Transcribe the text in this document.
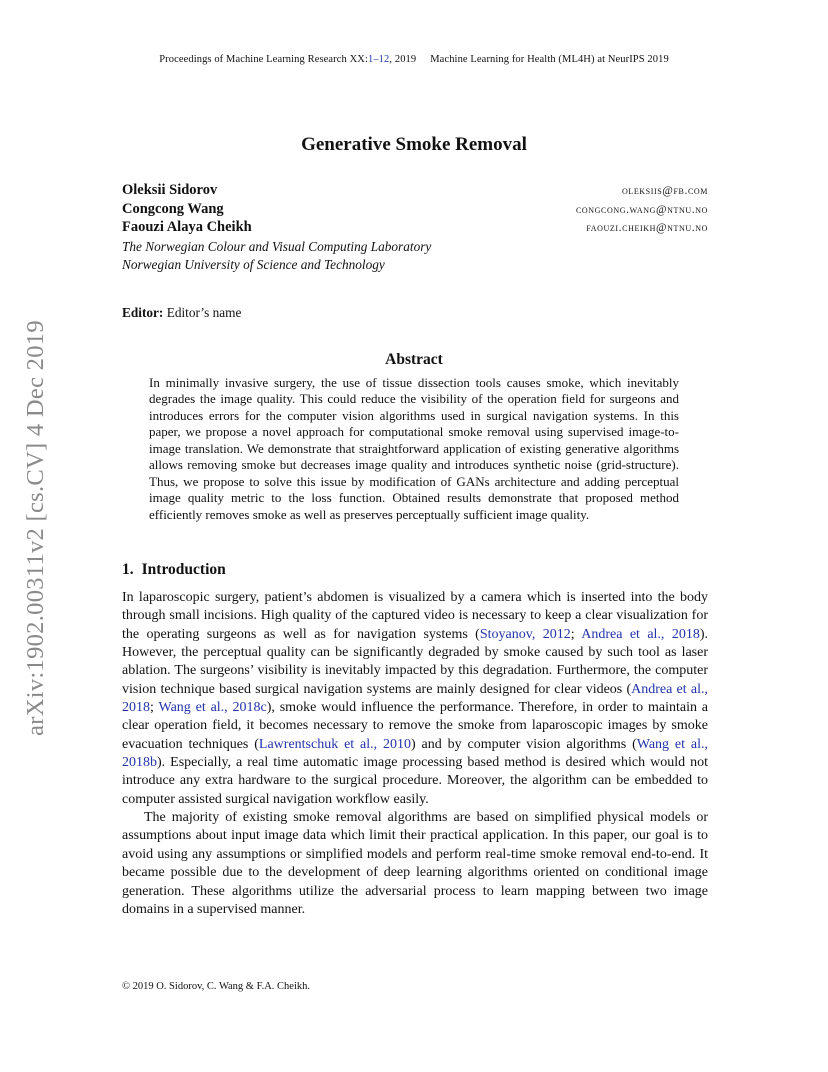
Proceedings of Machine Learning Research XX:1–12, 2019 Machine Learning for Health (ML4H) at NeurIPS 2019
arXiv:1902.00311v2 [cs.CV] 4 Dec 2019
Generative Smoke Removal
Oleksii Sidorov	oleksiis@fb.com
Congcong Wang	congcong.wang@ntnu.no
Faouzi Alaya Cheikh	faouzi.cheikh@ntnu.no
The Norwegian Colour and Visual Computing Laboratory
Norwegian University of Science and Technology
Editor: Editor’s name
Abstract
In minimally invasive surgery, the use of tissue dissection tools causes smoke, which inevitably degrades the image quality. This could reduce the visibility of the operation field for surgeons and introduces errors for the computer vision algorithms used in surgical navigation systems. In this paper, we propose a novel approach for computational smoke removal using supervised image-to-image translation. We demonstrate that straightforward application of existing generative algorithms allows removing smoke but decreases image quality and introduces synthetic noise (grid-structure). Thus, we propose to solve this issue by modification of GANs architecture and adding perceptual image quality metric to the loss function. Obtained results demonstrate that proposed method efficiently removes smoke as well as preserves perceptually sufficient image quality.
1. Introduction

In laparoscopic surgery, patient’s abdomen is visualized by a camera which is inserted into the body through small incisions. High quality of the captured video is necessary to keep a clear visualization for the operating surgeons as well as for navigation systems (Stoyanov, 2012; Andrea et al., 2018). However, the perceptual quality can be significantly degraded by smoke caused by such tool as laser ablation. The surgeons’ visibility is inevitably impacted by this degradation. Furthermore, the computer vision technique based surgical navigation systems are mainly designed for clear videos (Andrea et al., 2018; Wang et al., 2018c), smoke would influence the performance. Therefore, in order to maintain a clear operation field, it becomes necessary to remove the smoke from laparoscopic images by smoke evacuation techniques (Lawrentschuk et al., 2010) and by computer vision algorithms (Wang et al., 2018b). Especially, a real time automatic image processing based method is desired which would not introduce any extra hardware to the surgical procedure. Moreover, the algorithm can be embedded to computer assisted surgical navigation workflow easily.

The majority of existing smoke removal algorithms are based on simplified physical models or assumptions about input image data which limit their practical application. In this paper, our goal is to avoid using any assumptions or simplified models and perform real-time smoke removal end-to-end. It became possible due to the development of deep learning algorithms oriented on conditional image generation. These algorithms utilize the adversarial process to learn mapping between two image domains in a supervised manner.

© 2019 O. Sidorov, C. Wang & F.A. Cheikh.
